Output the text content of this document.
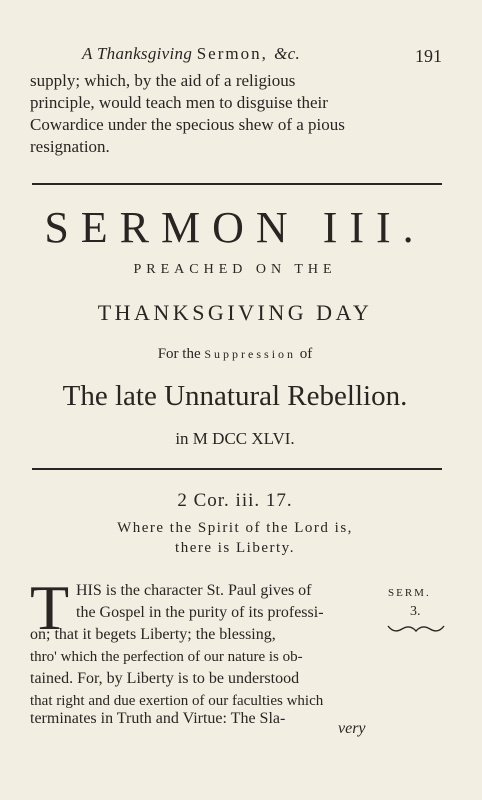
A Thanksgiving Sermon, &c.	191
supply; which, by the aid of a religious
principle, would teach men to disguise their
Cowardice under the specious shew of a pious
resignation.
SERMON III.
PREACHED ON THE
THANKSGIVING DAY
For the Suppression of
The late Unnatural Rebellion.
in M DCC XLVI.
2 Cor. iii. 17.
Where the Spirit of the Lord is,
there is Liberty.
T HIS is the character St. Paul gives of
the Gospel in the purity of its professi-
on; that it begets Liberty; the blessing,
thro' which the perfection of our nature is ob-
tained. For, by Liberty is to be understood
that right and due exertion of our faculties which
terminates in Truth and Virtue: The Sla-
very
SERM.
3.
